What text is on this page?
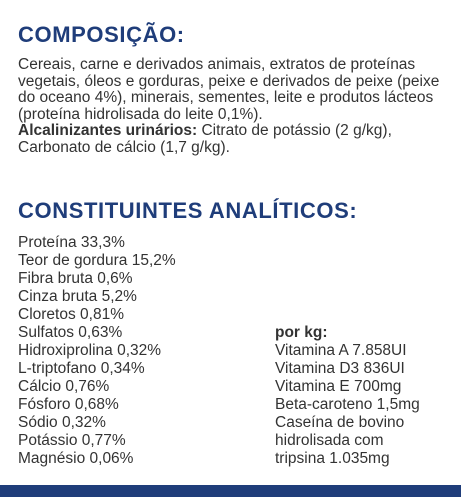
COMPOSIÇÃO:

Cereais, carne e derivados animais, extratos de proteínas vegetais, óleos e gorduras, peixe e derivados de peixe (peixe do oceano 4%), minerais, sementes, leite e produtos lácteos (proteína hidrolisada do leite 0,1%).
Alcalinizantes urinários: Citrato de potássio (2 g/kg), Carbonato de cálcio (1,7 g/kg).

CONSTITUINTES ANALÍTICOS:
Proteína 33,3%
Teor de gordura 15,2%
Fibra bruta 0,6%
Cinza bruta 5,2%
Cloretos 0,81%
Sulfatos 0,63%
Hidroxiprolina 0,32%
L-triptofano 0,34%
Cálcio 0,76%
Fósforo 0,68%
Sódio 0,32%
Potássio 0,77%
Magnésio 0,06%
por kg:
Vitamina A 7.858UI
Vitamina D3 836UI
Vitamina E 700mg
Beta-caroteno 1,5mg
Caseína de bovino
hidrolisada com
tripsina 1.035mg
